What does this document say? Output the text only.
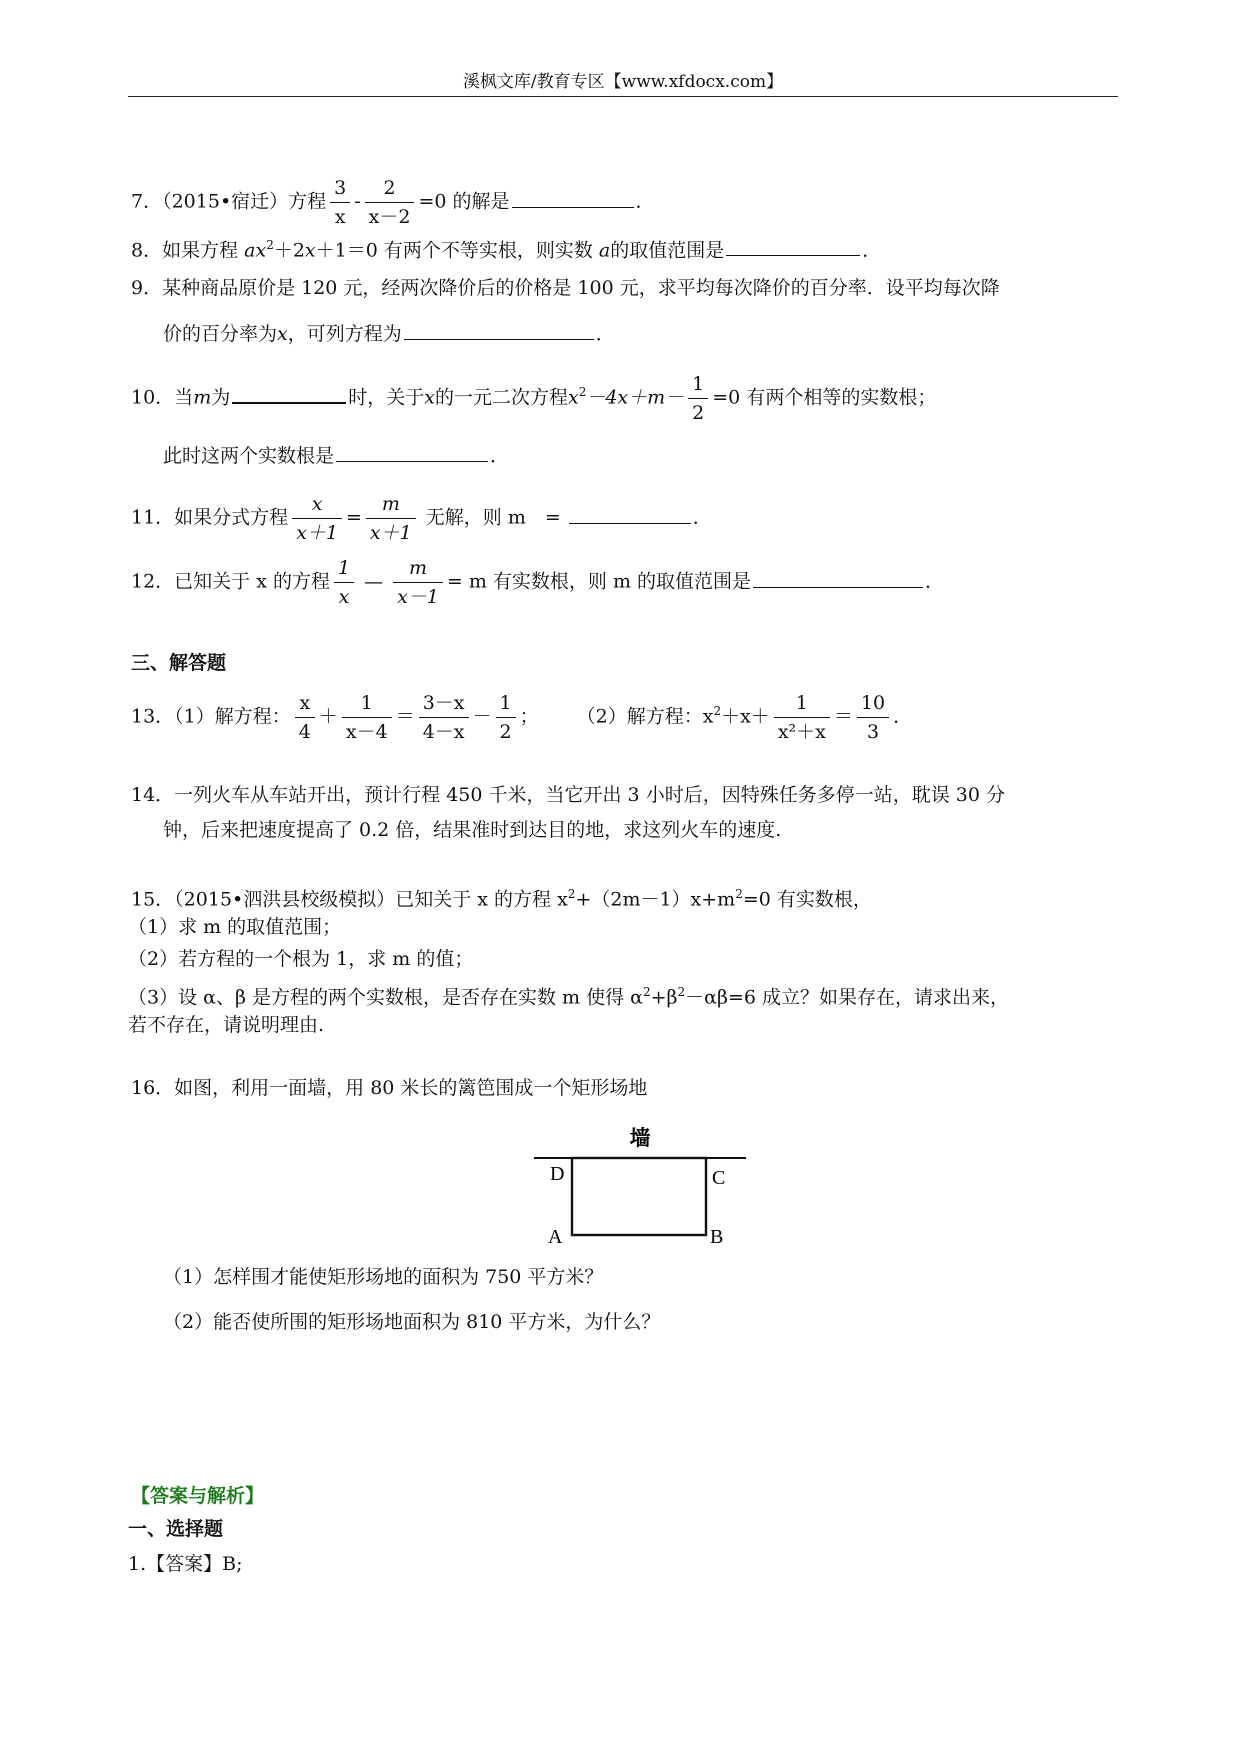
溪枫文库/教育专区【www.xfdocx.com】
7．（2015•宿迁）方程 $\frac{3}{x} - \frac{2}{x-2} =0$ 的解是	．
8．如果方程 $ax^2+2x+1=0$ 有两个不等实根，则实数 a的取值范围是	．
9．某种商品原价是 120 元，经两次降价后的价格是 100 元，求平均每次降价的百分率．设平均每次降
价的百分率为x，可列方程为	．
10．当m为	时，关于x的一元二次方程$x^2-4x+m- \frac{1}{2} =0$ 有两个相等的实数根；
此时这两个实数根是	．
11．如果分式方程 $\frac{x}{x+1} = \frac{m}{x+1}$ 无解，则 m　=	．
12．已知关于 x 的方程 $\frac{1}{x}$ — $\frac{m}{x-1} = m$ 有实数根，则 m 的取值范围是	．
三、解答题
13．（1）解方程： $\frac{x}{4} + \frac{1}{x-4} = \frac{3-x}{4-x} - \frac{1}{2}$ ； （2）解方程：$x^2+x+ \frac{1}{\text{x²＋x}} = \frac{10}{3}$ ．
14．一列火车从车站开出，预计行程 450 千米，当它开出 3 小时后，因特殊任务多停一站，耽误 30 分
钟，后来把速度提高了 0.2 倍，结果准时到达目的地，求这列火车的速度.
15．（2015•泗洪县校级模拟）已知关于 x 的方程 $x^2+(2m-1)x+m^2=0$ 有实数根，
（1）求 m 的取值范围；
（2）若方程的一个根为 1，求 m 的值；
（3）设 α、β 是方程的两个实数根，是否存在实数 m 使得 $\alpha^2+\beta^2-\alpha\beta=6$ 成立？如果存在，请求出来，
若不存在，请说明理由.
16．如图，利用一面墙，用 80 米长的篱笆围成一个矩形场地
墙
D	C
A	B
（1）怎样围才能使矩形场地的面积为 750 平方米？
（2）能否使所围的矩形场地面积为 810 平方米，为什么？
【答案与解析】
一、选择题
1.【答案】B;
